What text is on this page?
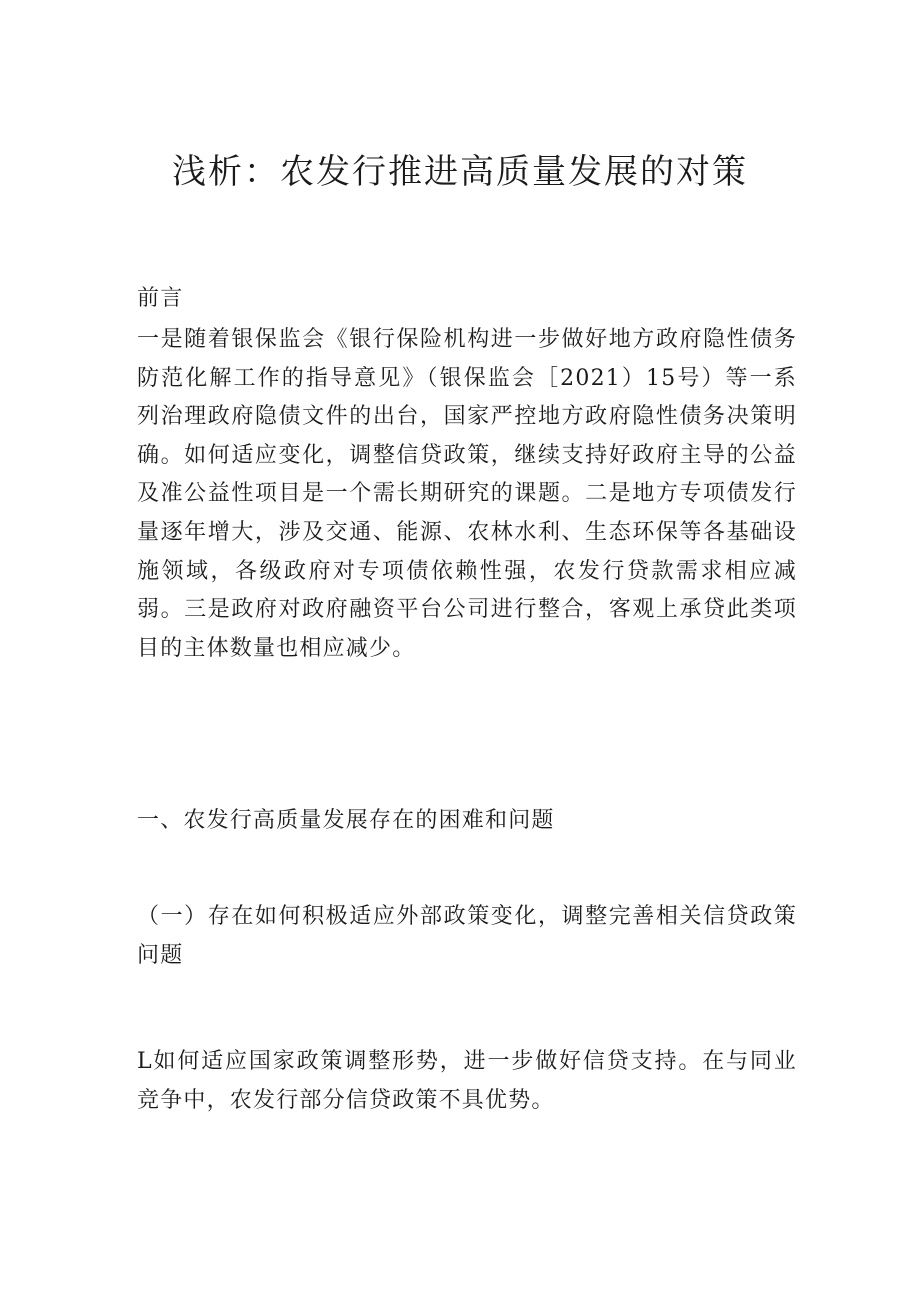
浅析：农发行推进高质量发展的对策

前言

一是随着银保监会《银行保险机构进一步做好地方政府隐性债务防范化解工作的指导意见》（银保监会［2021）15号）等一系列治理政府隐债文件的出台，国家严控地方政府隐性债务决策明确。如何适应变化，调整信贷政策，继续支持好政府主导的公益及准公益性项目是一个需长期研究的课题。二是地方专项债发行量逐年增大，涉及交通、能源、农林水利、生态环保等各基础设施领域，各级政府对专项债依赖性强，农发行贷款需求相应减弱。三是政府对政府融资平台公司进行整合，客观上承贷此类项目的主体数量也相应减少。

一、农发行高质量发展存在的困难和问题

（一）存在如何积极适应外部政策变化，调整完善相关信贷政策问题

L如何适应国家政策调整形势，进一步做好信贷支持。在与同业竞争中，农发行部分信贷政策不具优势。
